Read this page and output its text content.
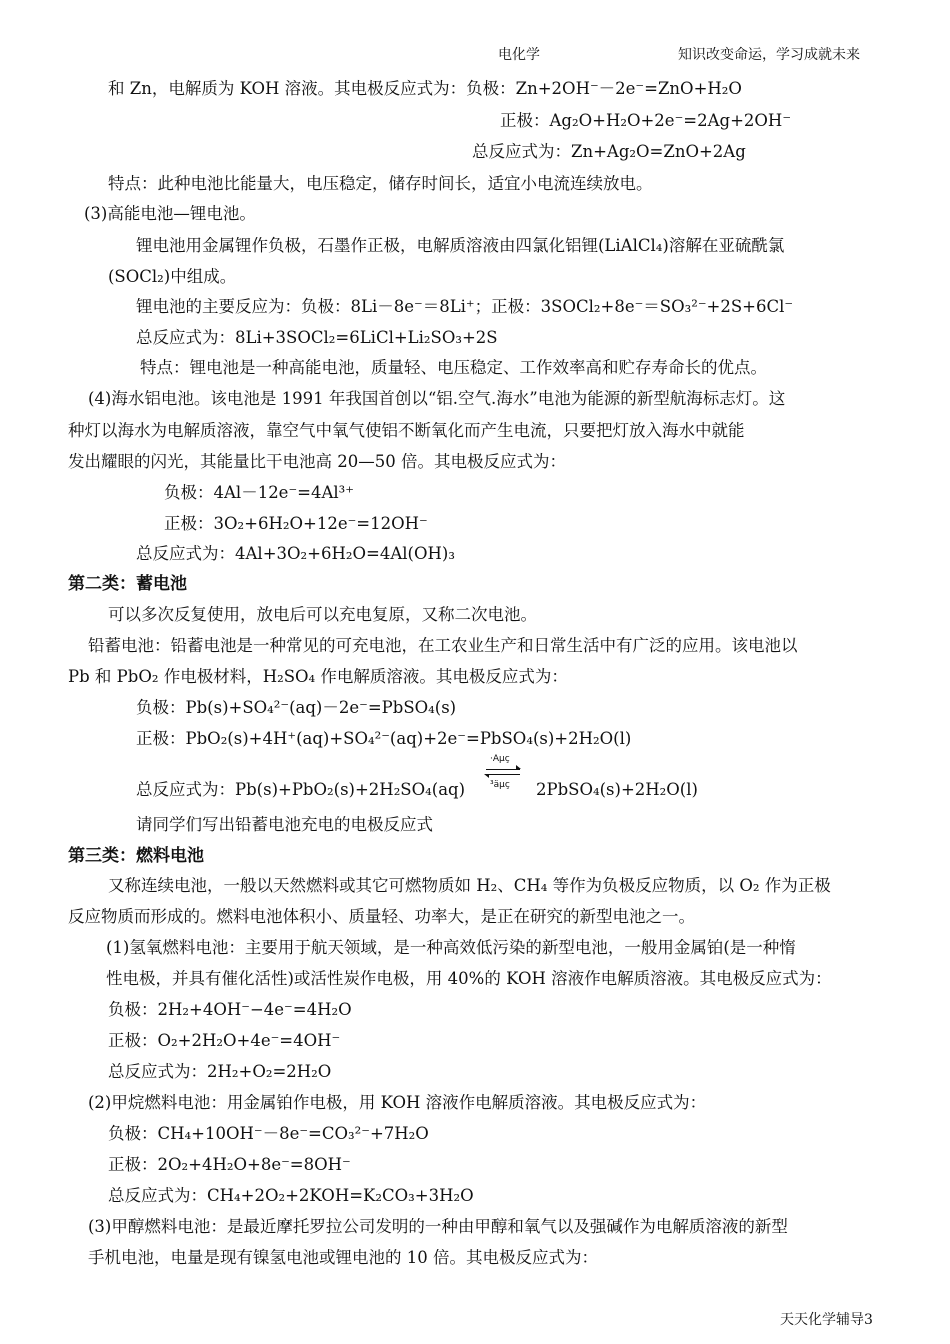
电化学	知识改变命运，学习成就未来
和 Zn，电解质为 KOH 溶液。其电极反应式为：负极：Zn+2OH⁻－2e⁻=ZnO+H₂O
正极：Ag₂O+H₂O+2e⁻=2Ag+2OH⁻
总反应式为：Zn+Ag₂O=ZnO+2Ag
特点：此种电池比能量大，电压稳定，储存时间长，适宜小电流连续放电。
(3)高能电池—锂电池。
锂电池用金属锂作负极，石墨作正极，电解质溶液由四氯化铝锂(LiAlCl₄)溶解在亚硫酰氯
(SOCl₂)中组成。
锂电池的主要反应为：负极：8Li－8e⁻＝8Li⁺；正极：3SOCl₂+8e⁻＝SO₃²⁻+2S+6Cl⁻
总反应式为：8Li+3SOCl₂=6LiCl+Li₂SO₃+2S
特点：锂电池是一种高能电池，质量轻、电压稳定、工作效率高和贮存寿命长的优点。
(4)海水铝电池。该电池是 1991 年我国首创以“铝.空气.海水”电池为能源的新型航海标志灯。这
种灯以海水为电解质溶液，靠空气中氧气使铝不断氧化而产生电流，只要把灯放入海水中就能
发出耀眼的闪光，其能量比干电池高 20—50 倍。其电极反应式为：
负极：4Al－12e⁻=4Al³⁺
正极：3O₂+6H₂O+12e⁻=12OH⁻
总反应式为：4Al+3O₂+6H₂O=4Al(OH)₃
第二类：蓄电池
可以多次反复使用，放电后可以充电复原，又称二次电池。
铅蓄电池：铅蓄电池是一种常见的可充电池，在工农业生产和日常生活中有广泛的应用。该电池以
Pb 和 PbO₂ 作电极材料，H₂SO₄ 作电解质溶液。其电极反应式为：
负极：Pb(s)+SO₄²⁻(aq)－2e⁻=PbSO₄(s)
正极：PbO₂(s)+4H⁺(aq)+SO₄²⁻(aq)+2e⁻=PbSO₄(s)+2H₂O(l)
总反应式为：Pb(s)+PbO₂(s)+2H₂SO₄(aq)
·Aµç
³äµç 2PbSO₄(s)+2H₂O(l)
请同学们写出铅蓄电池充电的电极反应式
第三类：燃料电池
又称连续电池，一般以天然燃料或其它可燃物质如 H₂、CH₄ 等作为负极反应物质，以 O₂ 作为正极
反应物质而形成的。燃料电池体积小、质量轻、功率大，是正在研究的新型电池之一。
(1)氢氧燃料电池：主要用于航天领域，是一种高效低污染的新型电池，一般用金属铂(是一种惰
性电极，并具有催化活性)或活性炭作电极，用 40%的 KOH 溶液作电解质溶液。其电极反应式为：
负极：2H₂+4OH⁻−4e⁻=4H₂O
正极：O₂+2H₂O+4e⁻=4OH⁻
总反应式为：2H₂+O₂=2H₂O
(2)甲烷燃料电池：用金属铂作电极，用 KOH 溶液作电解质溶液。其电极反应式为：
负极：CH₄+10OH⁻－8e⁻=CO₃²⁻+7H₂O
正极：2O₂+4H₂O+8e⁻=8OH⁻
总反应式为：CH₄+2O₂+2KOH=K₂CO₃+3H₂O
(3)甲醇燃料电池：是最近摩托罗拉公司发明的一种由甲醇和氧气以及强碱作为电解质溶液的新型
手机电池，电量是现有镍氢电池或锂电池的 10 倍。其电极反应式为：
天天化学辅导3
